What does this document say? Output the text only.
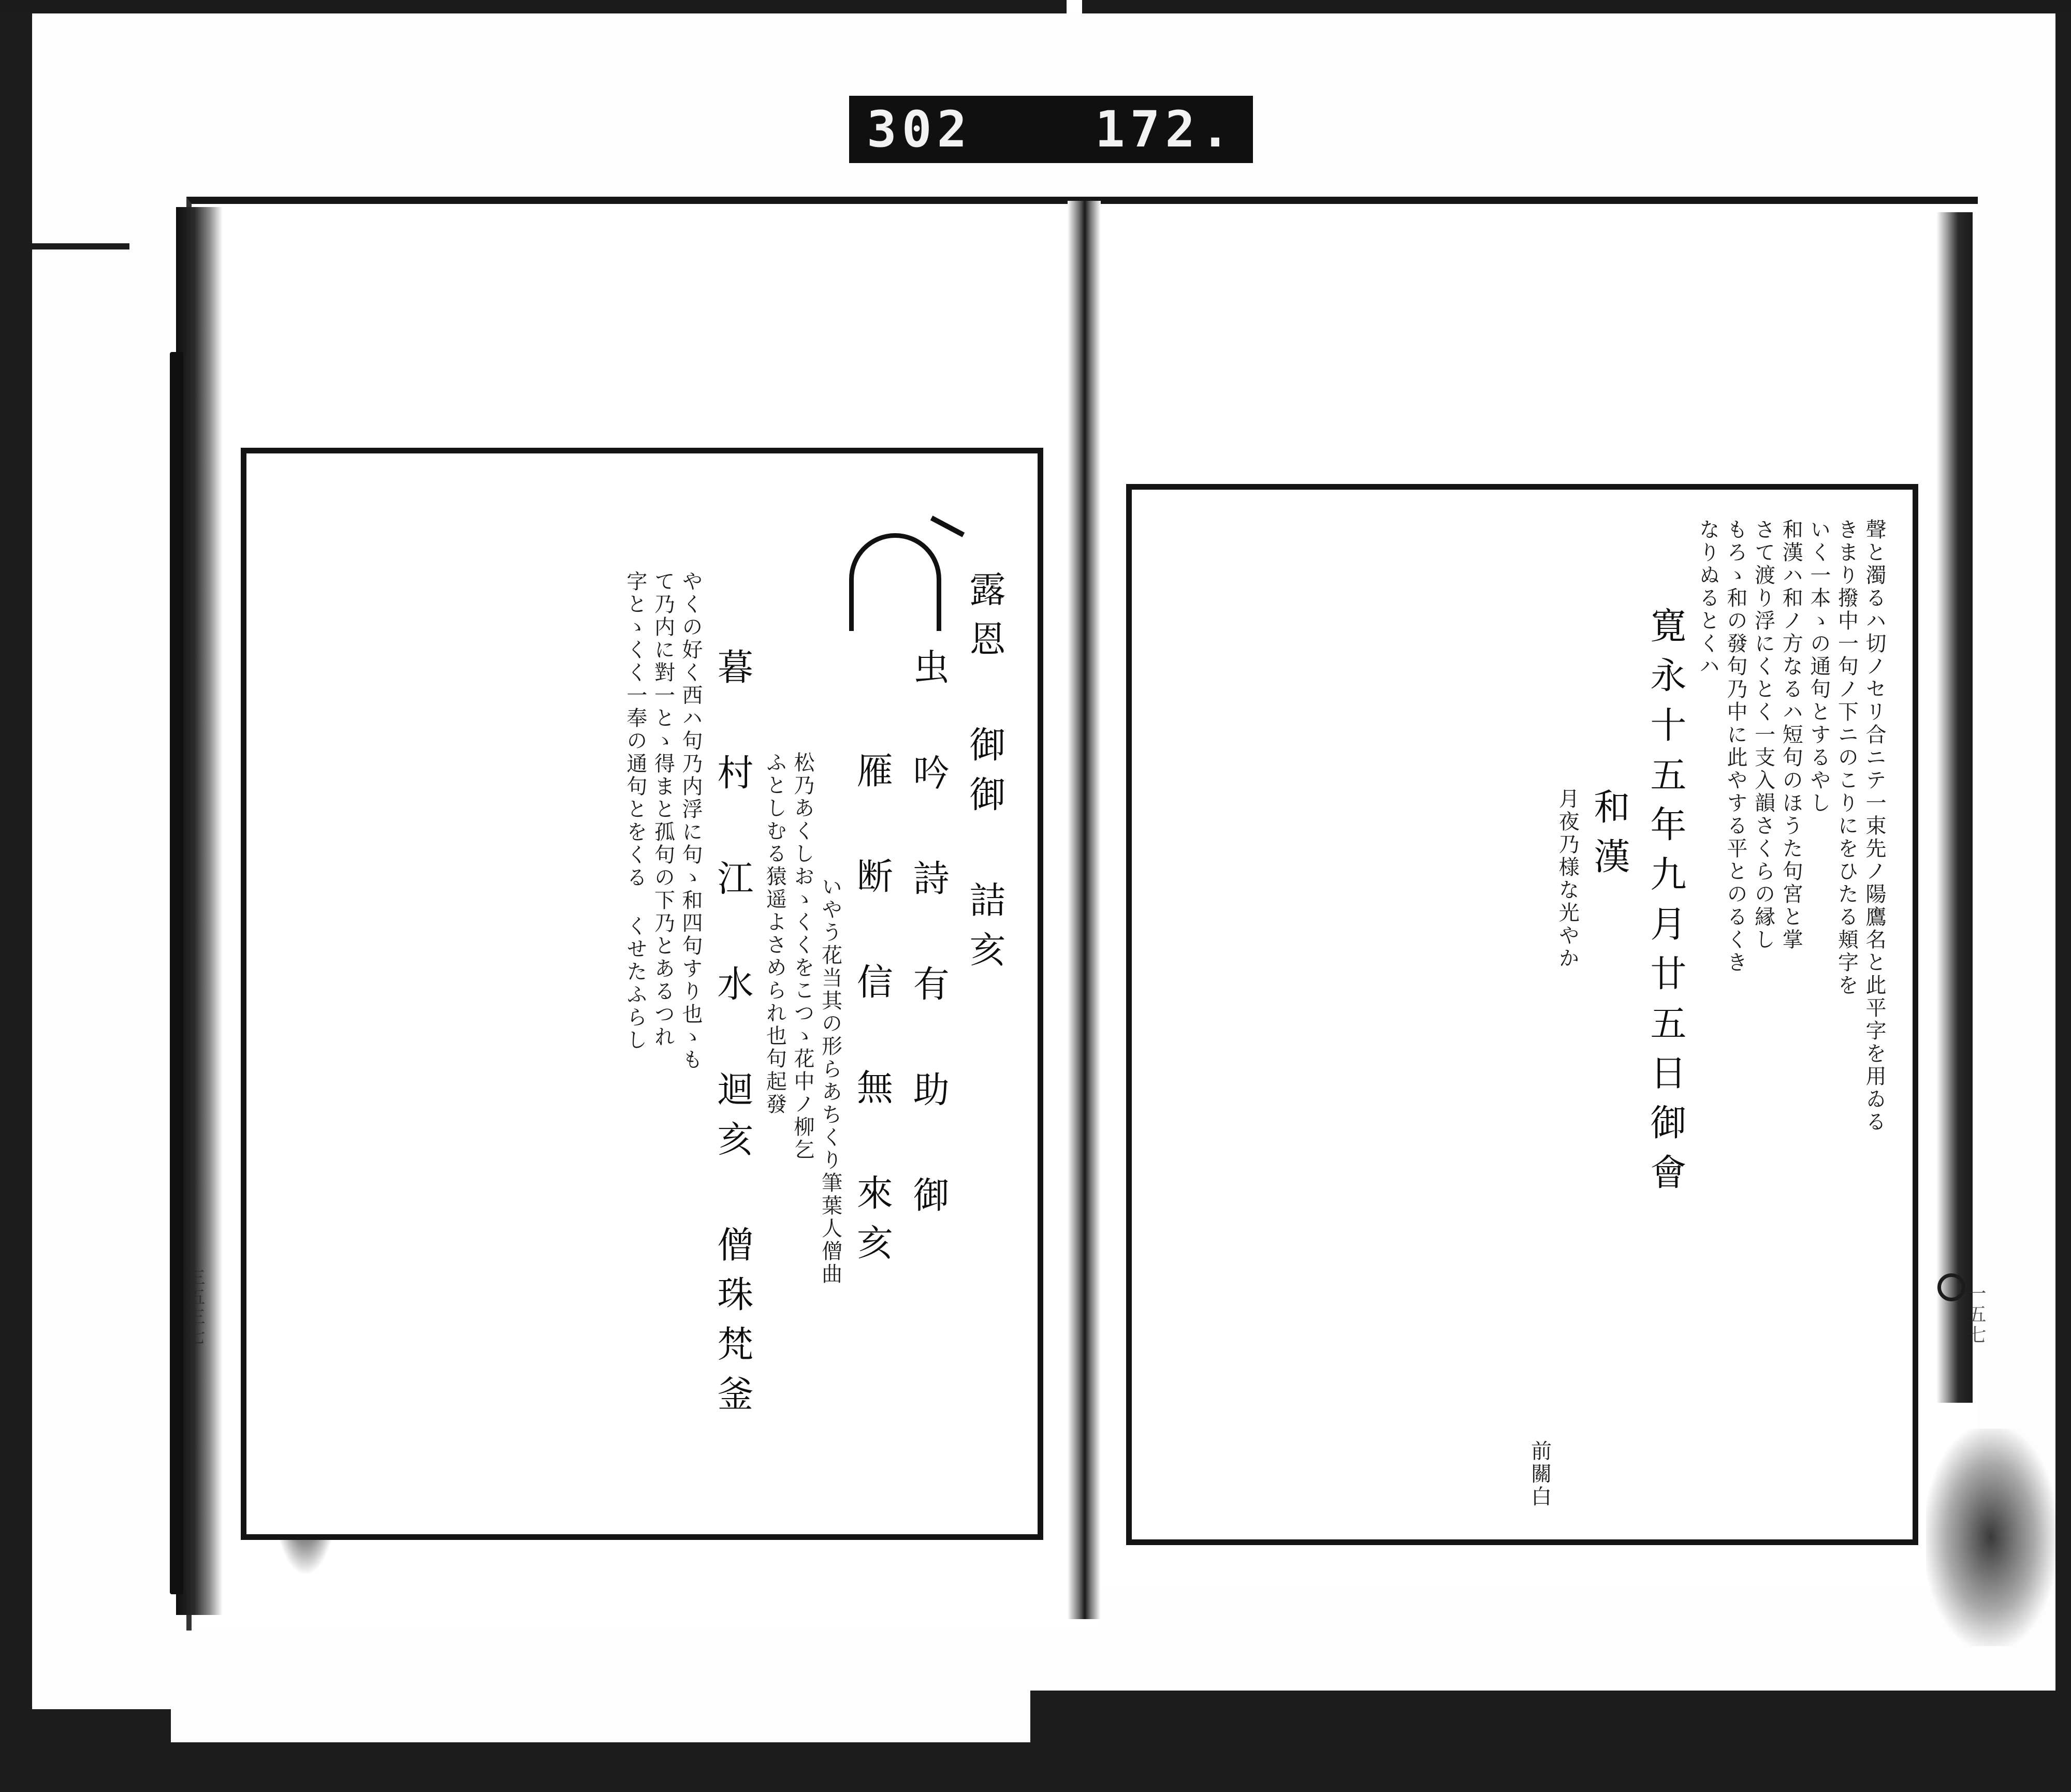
302 172.
露恩 御御 詰亥
虫 吟 詩 有 助 御
雁 断 信 無 來亥
いやう花当其の形らあちくり筆葉人僧曲
松乃あくしおゝくくをこつゝ花中ノ柳乞
ふとしむる猿遥よさめられ也句起發
暮 村 江 水 迴亥 僧珠梵釜
やくの好く西ハ句乃内浮に句ゝ和四句すり也ゝも
て乃内に對一とゝ得まと孤句の下乃とあるつれ
字とゝくく一奉の通句とをくる くせたふらし	聲と濁るハ切ノセリ合ニテ一束先ノ陽鷹名と此平字を用ゐる
きまり撥中一句ノ下ニのこりにをひたる頬字を
いく一本ゝの通句とするやし
和漢ハ和ノ方なるハ短句のほうた句宮と掌
さて渡り浮にくとく一支入韻さくらの縁し
もろゝ和の發句乃中に此やする平とのるくき
なりぬるとくハ
寛永十五年九月廿五日御會
和漢
月夜乃様な光やか
前關白
三五三七	一五七
